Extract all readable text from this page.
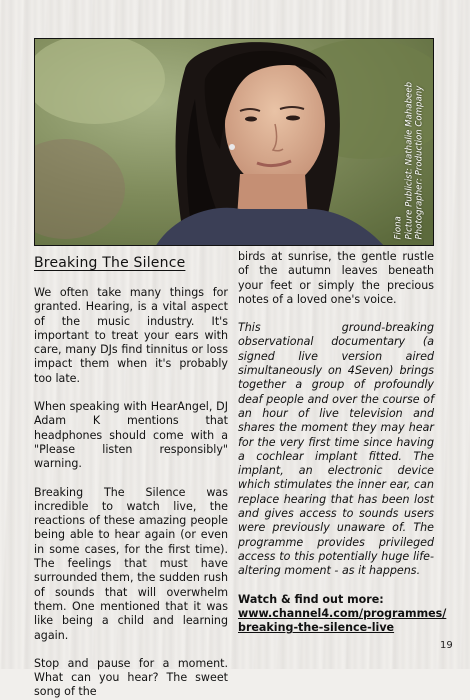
Fiona Picture Publicist: Nathalie Mahabeeb Photographer: Production Company
Breaking The Silence

We often take many things for granted. Hearing, is a vital aspect of the music industry. It's important to treat your ears with care, many DJs find tinnitus or loss impact them when it's probably too late.

When speaking with HearAngel, DJ Adam K mentions that headphones should come with a "Please listen responsibly" warning.

Breaking The Silence was incredible to watch live, the reactions of these amazing people being able to hear again (or even in some cases, for the first time). The feelings that must have surrounded them, the sudden rush of sounds that will overwhelm them. One mentioned that it was like being a child and learning again.

Stop and pause for a moment. What can you hear? The sweet song of the

birds at sunrise, the gentle rustle of the autumn leaves beneath your feet or simply the precious notes of a loved one's voice.

This ground-breaking observational documentary (a signed live version aired simultaneously on 4Seven) brings together a group of profoundly deaf people and over the course of an hour of live television and shares the moment they may hear for the very first time since having a cochlear implant fitted. The implant, an electronic device which stimulates the inner ear, can replace hearing that has been lost and gives access to sounds users were previously unaware of. The programme provides privileged access to this potentially huge life-altering moment - as it happens.

Watch & find out more:

www.channel4.com/programmes/
breaking-the-silence-live

19
